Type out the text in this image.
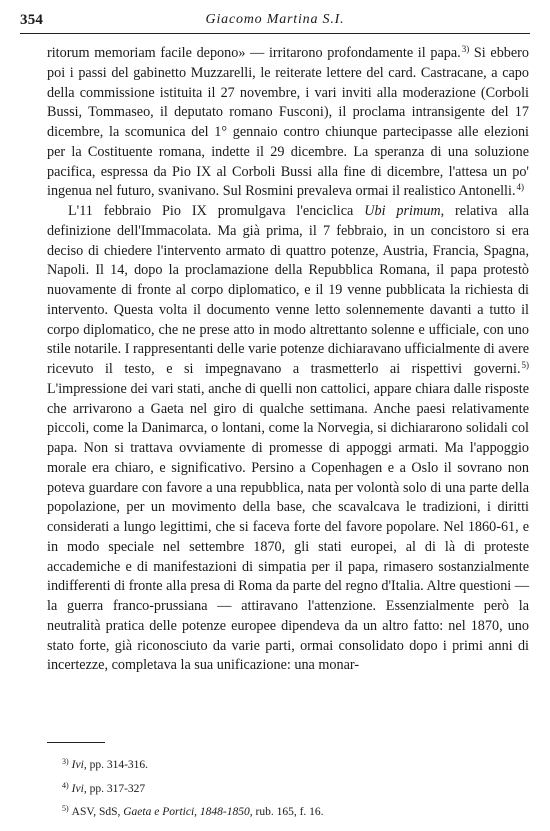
354	Giacomo Martina S.I.

ritorum memoriam facile depono» — irritarono profondamente il papa.$^{3)}$ Si ebbero poi i passi del gabinetto Muzzarelli, le reiterate lettere del card. Castracane, a capo della commissione istituita il 27 novembre, i vari inviti alla moderazione (Corboli Bussi, Tommaseo, il deputato romano Fusconi), il proclama intransigente del 17 dicembre, la scomunica del 1° gennaio contro chiunque partecipasse alle elezioni per la Costituente romana, indette il 29 dicembre. La speranza di una soluzione pacifica, espressa da Pio IX al Corboli Bussi alla fine di dicembre, l'attesa un po' ingenua nel futuro, svanivano. Sul Rosmini prevaleva ormai il realistico Antonelli.$^{4)}$

L'11 febbraio Pio IX promulgava l'enciclica Ubi primum, relativa alla definizione dell'Immacolata. Ma già prima, il 7 febbraio, in un concistoro si era deciso di chiedere l'intervento armato di quattro potenze, Austria, Francia, Spagna, Napoli. Il 14, dopo la proclamazione della Repubblica Romana, il papa protestò nuovamente di fronte al corpo diplomatico, e il 19 venne pubblicata la richiesta di intervento. Questa volta il documento venne letto solennemente davanti a tutto il corpo diplomatico, che ne prese atto in modo altrettanto solenne e ufficiale, con uno stile notarile. I rappresentanti delle varie potenze dichiaravano ufficialmente di avere ricevuto il testo, e si impegnavano a trasmetterlo ai rispettivi governi.$^{5)}$ L'impressione dei vari stati, anche di quelli non cattolici, appare chiara dalle risposte che arrivarono a Gaeta nel giro di qualche settimana. Anche paesi relativamente piccoli, come la Danimarca, o lontani, come la Norvegia, si dichiararono solidali col papa. Non si trattava ovviamente di promesse di appoggi armati. Ma l'appoggio morale era chiaro, e significativo. Persino a Copenhagen e a Oslo il sovrano non poteva guardare con favore a una repubblica, nata per volontà solo di una parte della popolazione, per un movimento della base, che scavalcava le tradizioni, i diritti considerati a lungo legittimi, che si faceva forte del favore popolare. Nel 1860-61, e in modo speciale nel settembre 1870, gli stati europei, al di là di proteste accademiche e di manifestazioni di simpatia per il papa, rimasero sostanzialmente indifferenti di fronte alla presa di Roma da parte del regno d'Italia. Altre questioni — la guerra franco-prussiana — attiravano l'attenzione. Essenzialmente però la neutralità pratica delle potenze europee dipendeva da un altro fatto: nel 1870, uno stato forte, già riconosciuto da varie parti, ormai consolidato dopo i primi anni di incertezze, completava la sua unificazione: una monar-

$^{3)}$ Ivi, pp. 314-316.

$^{4)}$ Ivi, pp. 317-327

$^{5)}$ ASV, SdS, Gaeta e Portici, 1848-1850, rub. 165, f. 16.
